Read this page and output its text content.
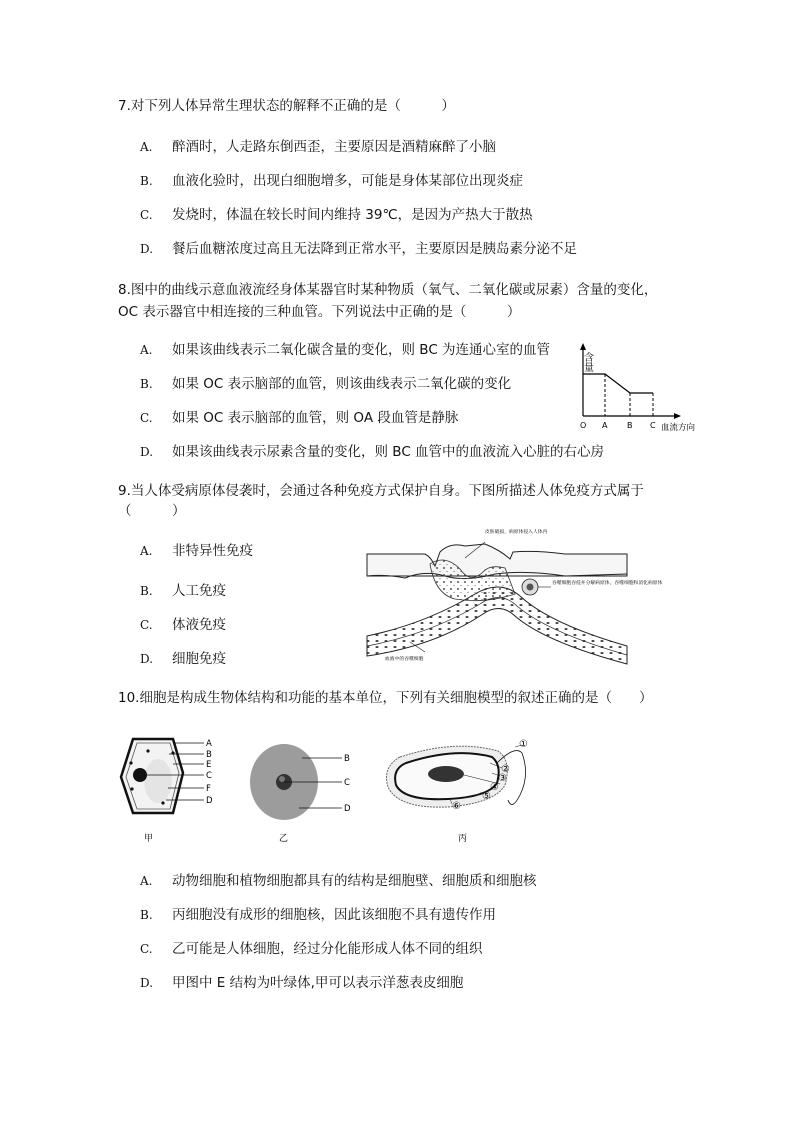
7.对下列人体异常生理状态的解释不正确的是（　　　）
A. 醉酒时，人走路东倒西歪，主要原因是酒精麻醉了小脑
B. 血液化验时，出现白细胞增多，可能是身体某部位出现炎症
C. 发烧时，体温在较长时间内维持 39℃，是因为产热大于散热
D. 餐后血糖浓度过高且无法降到正常水平，主要原因是胰岛素分泌不足
8.图中的曲线示意血液流经身体某器官时某种物质（氧气、二氧化碳或尿素）含量的变化，
OC 表示器官中相连接的三种血管。下列说法中正确的是（　　　）
A. 如果该曲线表示二氧化碳含量的变化，则 BC 为连通心室的血管
B. 如果 OC 表示脑部的血管，则该曲线表示二氧化碳的变化
C. 如果 OC 表示脑部的血管，则 OA 段血管是静脉
D. 如果该曲线表示尿素含量的变化，则 BC 血管中的血液流入心脏的右心房
含量
O A B C 血流方向
9.当人体受病原体侵袭时，会通过各种免疫方式保护自身。下图所描述人体免疫方式属于
（　　　）
A. 非特异性免疫
B. 人工免疫
C. 体液免疫
D. 细胞免疫
皮肤破损，病原体侵入人体内
吞噬细胞吞侵并分解病原体，吞噬细胞和消化病原体
血液中的吞噬细胞
10.细胞是构成生物体结构和功能的基本单位，下列有关细胞模型的叙述正确的是（　　）
A
B
E
C
F
D
甲
B
C
D
乙
①
②
③
④
⑤
⑥
丙
A. 动物细胞和植物细胞都具有的结构是细胞壁、细胞质和细胞核
B. 丙细胞没有成形的细胞核，因此该细胞不具有遗传作用
C. 乙可能是人体细胞，经过分化能形成人体不同的组织
D. 甲图中 E 结构为叶绿体,甲可以表示洋葱表皮细胞
